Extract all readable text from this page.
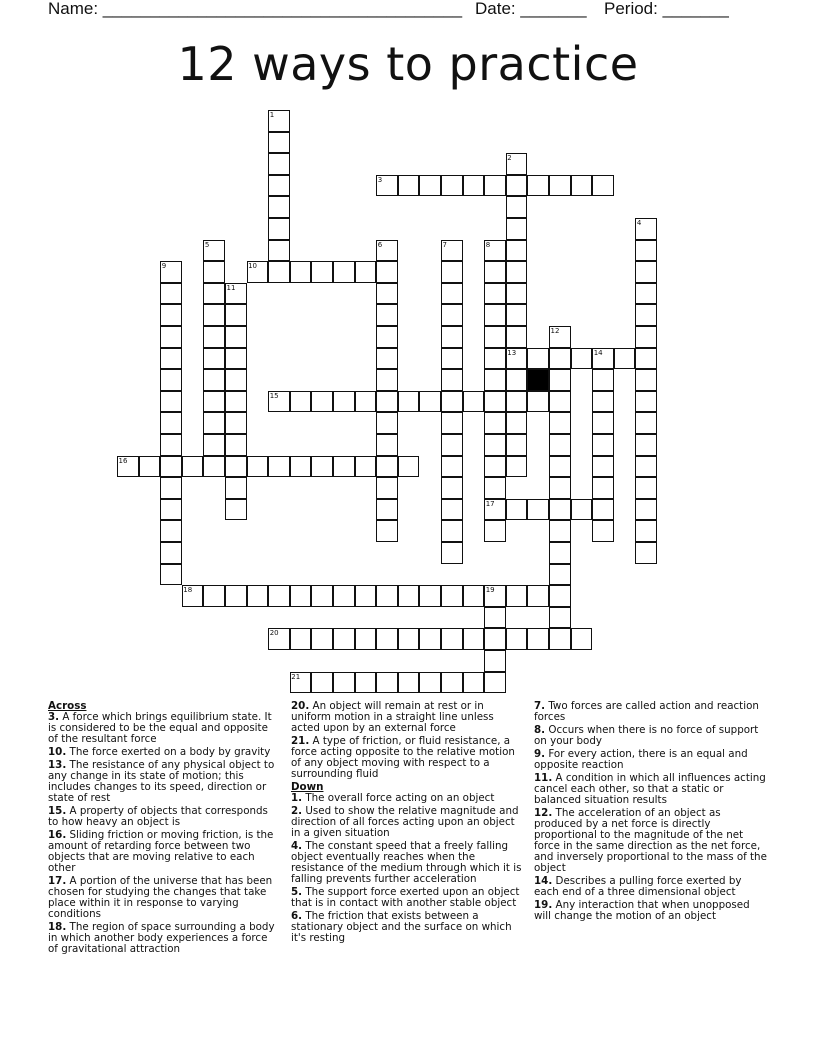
Name: ______________________________________ Date: _______ Period: _______
12 ways to practice
1
2
3
4
5	6	7	8
9	10
11
12
13	14
15
16
17
18	19
20
21
Across
3. A force which brings equilibrium state. It is considered to be the equal and opposite of the resultant force
10. The force exerted on a body by gravity
13. The resistance of any physical object to any change in its state of motion; this includes changes to its speed, direction or state of rest
15. A property of objects that corresponds to how heavy an object is
16. Sliding friction or moving friction, is the amount of retarding force between two objects that are moving relative to each other
17. A portion of the universe that has been chosen for studying the changes that take place within it in response to varying conditions
18. The region of space surrounding a body in which another body experiences a force of gravitational attraction
20. An object will remain at rest or in uniform motion in a straight line unless acted upon by an external force
21. A type of friction, or fluid resistance, a force acting opposite to the relative motion of any object moving with respect to a surrounding fluid
Down
1. The overall force acting on an object
2. Used to show the relative magnitude and direction of all forces acting upon an object in a given situation
4. The constant speed that a freely falling object eventually reaches when the resistance of the medium through which it is falling prevents further acceleration
5. The support force exerted upon an object that is in contact with another stable object
6. The friction that exists between a stationary object and the surface on which it's resting
7. Two forces are called action and reaction forces
8. Occurs when there is no force of support on your body
9. For every action, there is an equal and opposite reaction
11. A condition in which all influences acting cancel each other, so that a static or balanced situation results
12. The acceleration of an object as produced by a net force is directly proportional to the magnitude of the net force in the same direction as the net force, and inversely proportional to the mass of the object
14. Describes a pulling force exerted by each end of a three dimensional object
19. Any interaction that when unopposed will change the motion of an object
